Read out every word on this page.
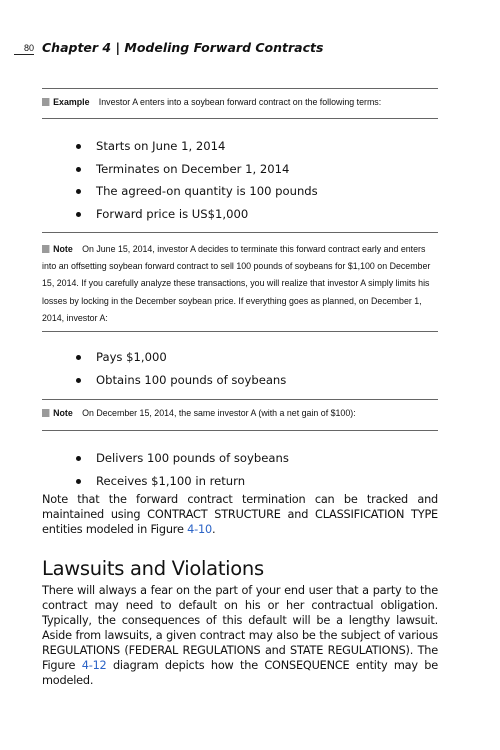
80 Chapter 4 | Modeling Forward Contracts
Example Investor A enters into a soybean forward contract on the following terms:
Starts on June 1, 2014
Terminates on December 1, 2014
The agreed-on quantity is 100 pounds
Forward price is US$1,000
Note On June 15, 2014, investor A decides to terminate this forward contract early and enters
into an offsetting soybean forward contract to sell 100 pounds of soybeans for $1,100 on December
15, 2014. If you carefully analyze these transactions, you will realize that investor A simply limits his
losses by locking in the December soybean price. If everything goes as planned, on December 1,
2014, investor A:
Pays $1,000
Obtains 100 pounds of soybeans
Note On December 15, 2014, the same investor A (with a net gain of $100):
Delivers 100 pounds of soybeans
Receives $1,100 in return

Note that the forward contract termination can be tracked and maintained using CONTRACT STRUCTURE and CLASSIFICATION TYPE entities modeled in Figure 4-10.

Lawsuits and Violations

There will always a fear on the part of your end user that a party to the contract may need to default on his or her contractual obligation. Typically, the consequences of this default will be a lengthy lawsuit. Aside from lawsuits, a given contract may also be the subject of various REGULATIONS (FEDERAL REGULATIONS and STATE REGULATIONS). The Figure 4-12 diagram depicts how the CONSEQUENCE entity may be modeled.
